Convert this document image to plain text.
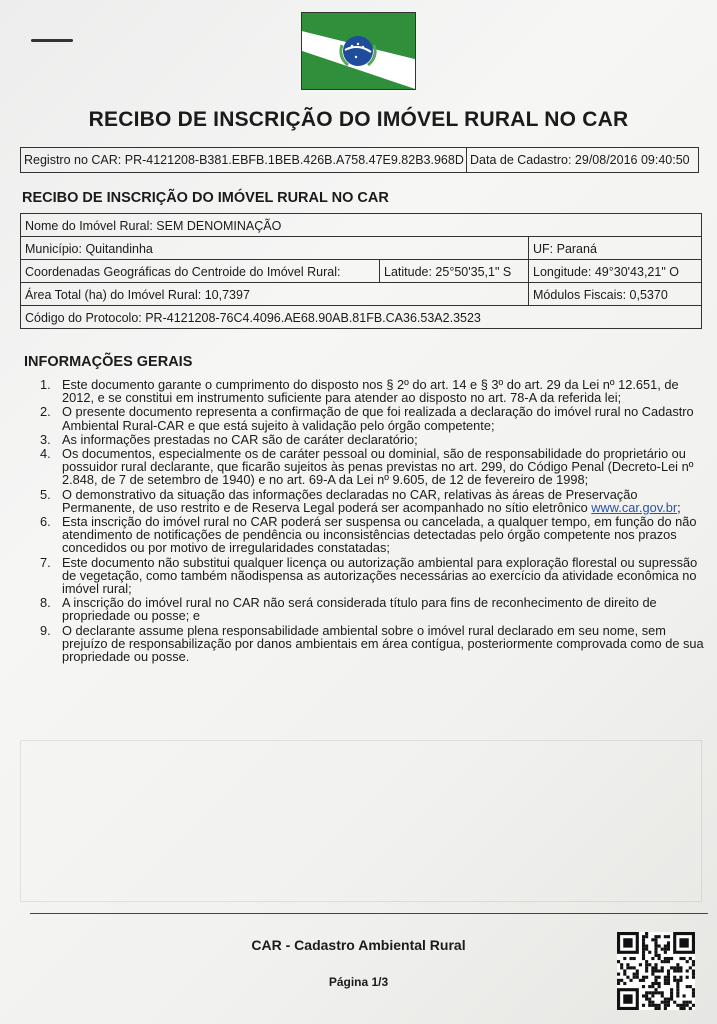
RECIBO DE INSCRIÇÃO DO IMÓVEL RURAL NO CAR
Registro no CAR: PR-4121208-B381.EBFB.1BEB.426B.A758.47E9.82B3.968D Data de Cadastro: 29/08/2016 09:40:50
RECIBO DE INSCRIÇÃO DO IMÓVEL RURAL NO CAR
Nome do Imóvel Rural: SEM DENOMINAÇÃO
Município: Quitandinha	UF: Paraná
Coordenadas Geográficas do Centroide do Imóvel Rural:	Latitude: 25°50'35,1" S	Longitude: 49°30'43,21" O
Área Total (ha) do Imóvel Rural: 10,7397	Módulos Fiscais: 0,5370
Código do Protocolo: PR-4121208-76C4.4096.AE68.90AB.81FB.CA36.53A2.3523
INFORMAÇÕES GERAIS
1. Este documento garante o cumprimento do disposto nos § 2º do art. 14 e § 3º do art. 29 da Lei nº 12.651, de 2012, e se constitui em instrumento suficiente para atender ao disposto no art. 78-A da referida lei;
2. O presente documento representa a confirmação de que foi realizada a declaração do imóvel rural no Cadastro Ambiental Rural-CAR e que está sujeito à validação pelo órgão competente;
3. As informações prestadas no CAR são de caráter declaratório;
4. Os documentos, especialmente os de caráter pessoal ou dominial, são de responsabilidade do proprietário ou possuidor rural declarante, que ficarão sujeitos às penas previstas no art. 299, do Código Penal (Decreto-Lei nº 2.848, de 7 de setembro de 1940) e no art. 69-A da Lei nº 9.605, de 12 de fevereiro de 1998;
5. O demonstrativo da situação das informações declaradas no CAR, relativas às áreas de Preservação Permanente, de uso restrito e de Reserva Legal poderá ser acompanhado no sítio eletrônico www.car.gov.br;
6. Esta inscrição do imóvel rural no CAR poderá ser suspensa ou cancelada, a qualquer tempo, em função do não atendimento de notificações de pendência ou inconsistências detectadas pelo órgão competente nos prazos concedidos ou por motivo de irregularidades constatadas;
7. Este documento não substitui qualquer licença ou autorização ambiental para exploração florestal ou supressão de vegetação, como também nãodispensa as autorizações necessárias ao exercício da atividade econômica no imóvel rural;
8. A inscrição do imóvel rural no CAR não será considerada título para fins de reconhecimento de direito de propriedade ou posse; e
9. O declarante assume plena responsabilidade ambiental sobre o imóvel rural declarado em seu nome, sem prejuízo de responsabilização por danos ambientais em área contígua, posteriormente comprovada como de sua propriedade ou posse.
CAR - Cadastro Ambiental Rural
Página 1/3
